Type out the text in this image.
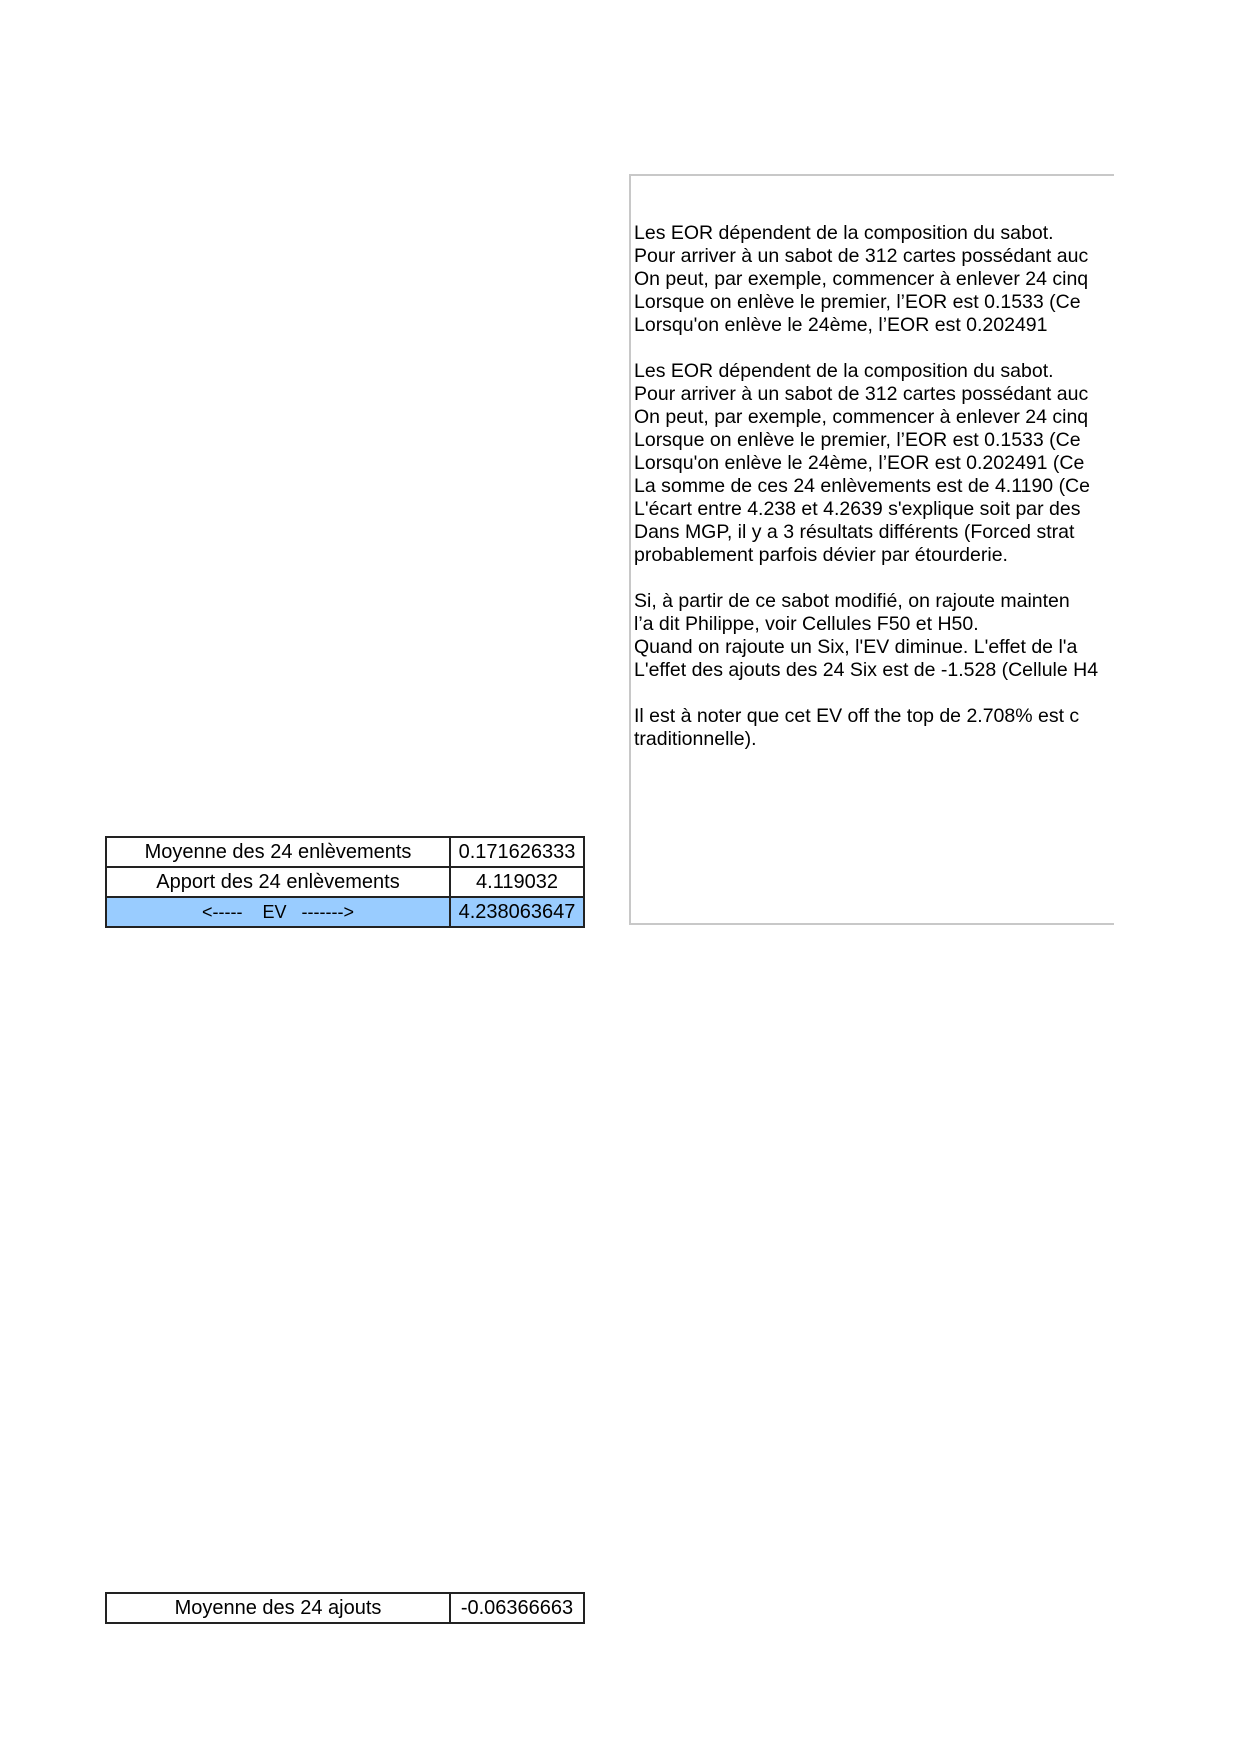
Les EOR dépendent de la composition du sabot.
Pour arriver à un sabot de 312 cartes possédant auc
On peut, par exemple, commencer à enlever 24 cinq
Lorsque on enlève le premier, l’EOR est 0.1533 (Ce
Lorsqu'on enlève le 24ème, l’EOR est 0.202491
Les EOR dépendent de la composition du sabot.
Pour arriver à un sabot de 312 cartes possédant auc
On peut, par exemple, commencer à enlever 24 cinq
Lorsque on enlève le premier, l’EOR est 0.1533 (Ce
Lorsqu'on enlève le 24ème, l’EOR est 0.202491 (Ce
La somme de ces 24 enlèvements est de 4.1190 (Ce
L'écart entre 4.238 et 4.2639 s'explique soit par des
Dans MGP, il y a 3 résultats différents (Forced strat
probablement parfois dévier par étourderie.
Si, à partir de ce sabot modifié, on rajoute mainten
l’a dit Philippe, voir Cellules F50 et H50.
Quand on rajoute un Six, l'EV diminue. L'effet de l'a
L'effet des ajouts des 24 Six est de -1.528 (Cellule H4
Il est à noter que cet EV off the top de 2.708% est c
traditionnelle).
Moyenne des 24 enlèvements	0.171626333
Apport des 24 enlèvements	4.119032
<-----    EV   ------->	4.238063647
Moyenne des 24 ajouts	-0.06366663
